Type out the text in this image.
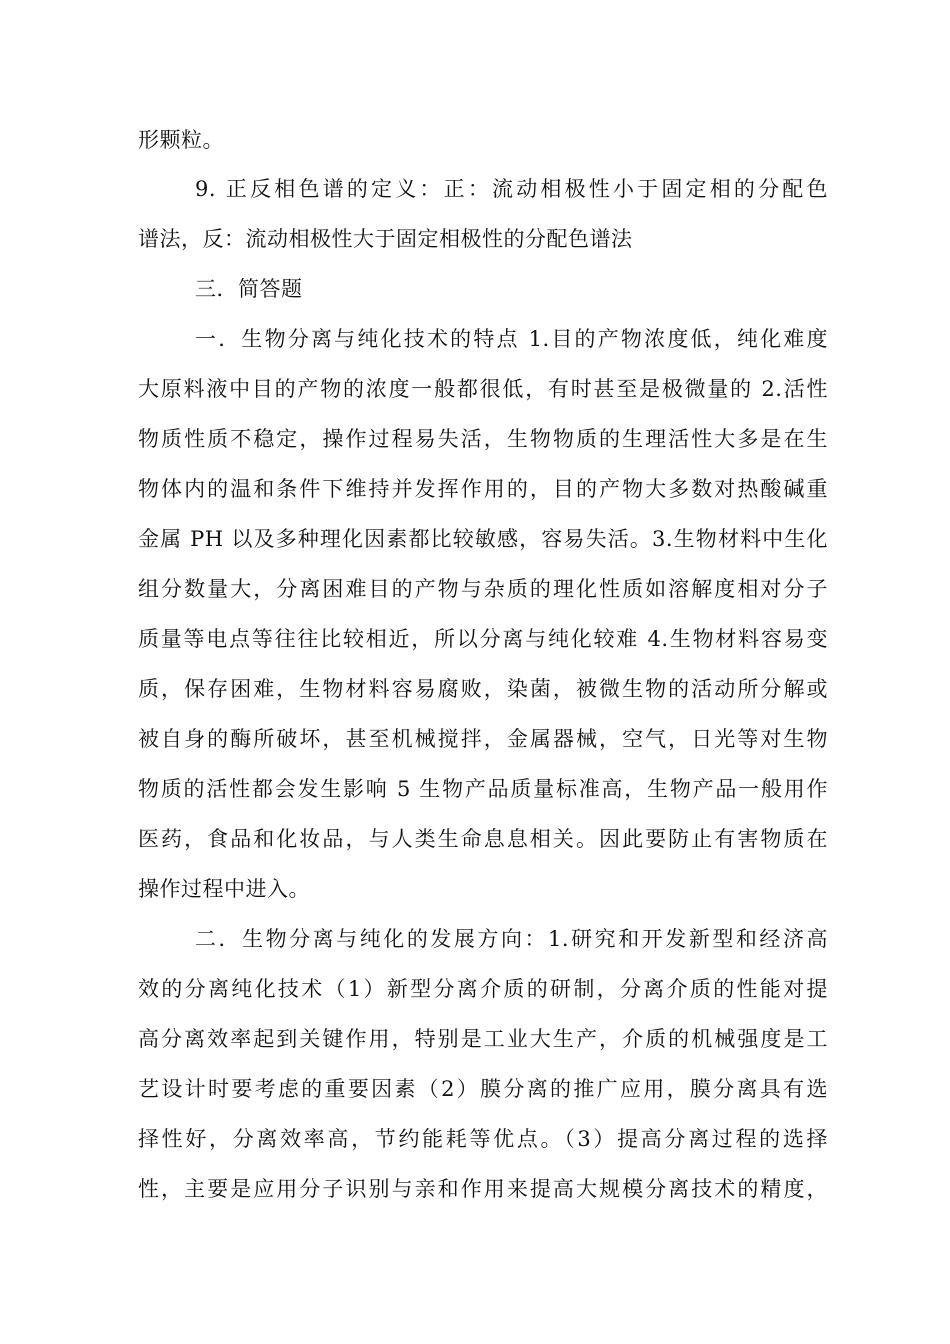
形颗粒。
9. 正反相色谱的定义：正：流动相极性小于固定相的分配色
谱法，反：流动相极性大于固定相极性的分配色谱法
三．简答题
一．生物分离与纯化技术的特点 1.目的产物浓度低，纯化难度
大原料液中目的产物的浓度一般都很低，有时甚至是极微量的 2.活性
物质性质不稳定，操作过程易失活，生物物质的生理活性大多是在生
物体内的温和条件下维持并发挥作用的，目的产物大多数对热酸碱重
金属 PH 以及多种理化因素都比较敏感，容易失活。3.生物材料中生化
组分数量大，分离困难目的产物与杂质的理化性质如溶解度相对分子
质量等电点等往往比较相近，所以分离与纯化较难 4.生物材料容易变
质，保存困难，生物材料容易腐败，染菌，被微生物的活动所分解或
被自身的酶所破坏，甚至机械搅拌，金属器械，空气，日光等对生物
物质的活性都会发生影响 5 生物产品质量标准高，生物产品一般用作
医药，食品和化妆品，与人类生命息息相关。因此要防止有害物质在
操作过程中进入。
二．生物分离与纯化的发展方向：1.研究和开发新型和经济高
效的分离纯化技术（1）新型分离介质的研制，分离介质的性能对提
高分离效率起到关键作用，特别是工业大生产，介质的机械强度是工
艺设计时要考虑的重要因素（2）膜分离的推广应用，膜分离具有选
择性好，分离效率高，节约能耗等优点。（3）提高分离过程的选择
性，主要是应用分子识别与亲和作用来提高大规模分离技术的精度，
